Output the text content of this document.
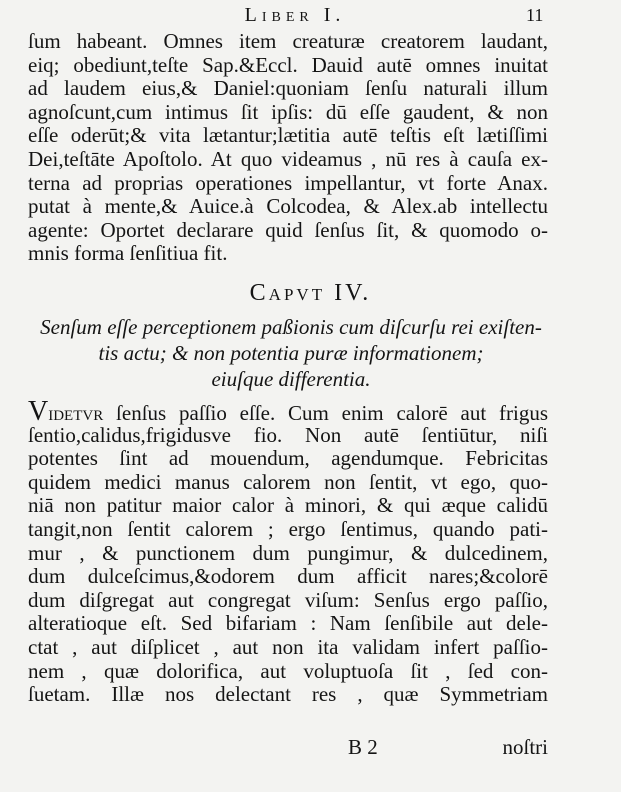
Liber I.	11
ſum habeant. Omnes item creaturæ creatorem laudant,
eiq; obediunt,teſte Sap.&Eccl. Dauid autē omnes inuitat
ad laudem eius,& Daniel:quoniam ſenſu naturali illum
agnoſcunt,cum intimus ſit ipſis: dū eſſe gaudent, & non
eſſe oderūt;& vita lætantur;lætitia autē teſtis eſt lætiſſimi
Dei,teſtāte Apoſtolo. At quo videamus , nū res à cauſa ex-
terna ad proprias operationes impellantur, vt forte Anax.
putat à mente,& Auice.à Colcodea, & Alex.ab intellectu
agente: Oportet declarare quid ſenſus ſit, & quomodo o-
mnis forma ſenſitiua fit.
Capvt IV.
Senſum eſſe perceptionem paßionis cum diſcurſu rei exiſten-
tis actu; & non potentia puræ informationem;
eiuſque differentia.
Videtvr ſenſus paſſio eſſe. Cum enim calorē aut frigus
ſentio,calidus,frigidusve fio. Non autē ſentiūtur, niſi
potentes ſint ad mouendum, agendumque. Febricitas
quidem medici manus calorem non ſentit, vt ego, quo-
niā non patitur maior calor à minori, & qui æque calidū
tangit,non ſentit calorem ; ergo ſentimus, quando pati-
mur , & punctionem dum pungimur, & dulcedinem,
dum dulceſcimus,&odorem dum afficit nares;&colorē
dum diſgregat aut congregat viſum: Senſus ergo paſſio,
alteratioque eſt. Sed bifariam : Nam ſenſibile aut dele-
ctat , aut diſplicet , aut non ita validam infert paſſio-
nem , quæ dolorifica, aut voluptuoſa ſit , ſed con-
ſuetam. Illæ nos delectant res , quæ Symmetriam
B 2	noſtri
